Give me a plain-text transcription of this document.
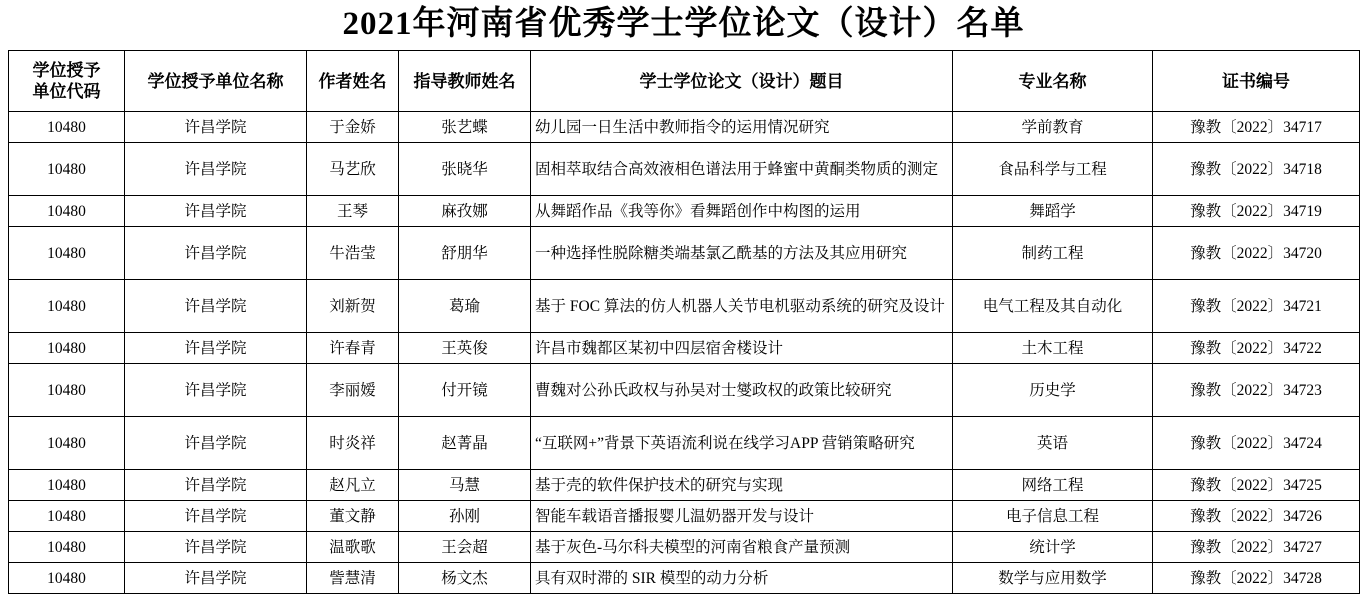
2021年河南省优秀学士学位论文（设计）名单
学位授予
单位代码	学位授予单位名称	作者姓名	指导教师姓名	学士学位论文（设计）题目	专业名称	证书编号
10480	许昌学院	于金娇	张艺蝶	幼儿园一日生活中教师指令的运用情况研究	学前教育	豫教〔2022〕34717
10480	许昌学院	马艺欣	张晓华	固相萃取结合高效液相色谱法用于蜂蜜中黄酮类物质的测定	食品科学与工程	豫教〔2022〕34718
10480	许昌学院	王琴	麻孜娜	从舞蹈作品《我等你》看舞蹈创作中构图的运用	舞蹈学	豫教〔2022〕34719
10480	许昌学院	牛浩莹	舒朋华	一种选择性脱除糖类端基氯乙酰基的方法及其应用研究	制药工程	豫教〔2022〕34720
10480	许昌学院	刘新贺	葛瑜	基于 FOC 算法的仿人机器人关节电机驱动系统的研究及设计	电气工程及其自动化	豫教〔2022〕34721
10480	许昌学院	许春青	王英俊	许昌市魏都区某初中四层宿舍楼设计	土木工程	豫教〔2022〕34722
10480	许昌学院	李丽嫒	付开镜	曹魏对公孙氏政权与孙吴对士燮政权的政策比较研究	历史学	豫教〔2022〕34723
10480	许昌学院	时炎祥	赵菁晶	“互联网+”背景下英语流利说在线学习APP 营销策略研究	英语	豫教〔2022〕34724
10480	许昌学院	赵凡立	马慧	基于壳的软件保护技术的研究与实现	网络工程	豫教〔2022〕34725
10480	许昌学院	董文静	孙刚	智能车载语音播报婴儿温奶器开发与设计	电子信息工程	豫教〔2022〕34726
10480	许昌学院	温歌歌	王会超	基于灰色-马尔科夫模型的河南省粮食产量预测	统计学	豫教〔2022〕34727
10480	许昌学院	訾慧清	杨文杰	具有双时滞的 SIR 模型的动力分析	数学与应用数学	豫教〔2022〕34728
